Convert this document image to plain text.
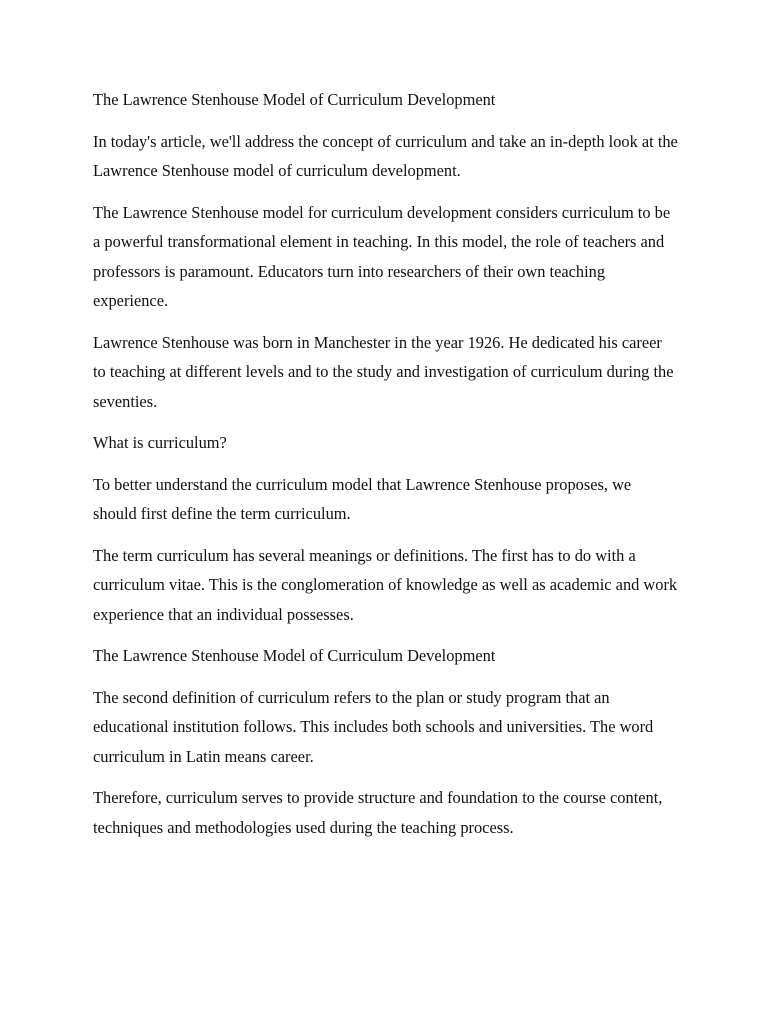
The Lawrence Stenhouse Model of Curriculum Development

In today's article, we'll address the concept of curriculum and take an in-depth look at the Lawrence Stenhouse model of curriculum development.

The Lawrence Stenhouse model for curriculum development considers curriculum to be a powerful transformational element in teaching. In this model, the role of teachers and professors is paramount. Educators turn into researchers of their own teaching experience.

Lawrence Stenhouse was born in Manchester in the year 1926. He dedicated his career to teaching at different levels and to the study and investigation of curriculum during the seventies.

What is curriculum?

To better understand the curriculum model that Lawrence Stenhouse proposes, we should first define the term curriculum.

The term curriculum has several meanings or definitions. The first has to do with a curriculum vitae. This is the conglomeration of knowledge as well as academic and work experience that an individual possesses.

The Lawrence Stenhouse Model of Curriculum Development

The second definition of curriculum refers to the plan or study program that an educational institution follows. This includes both schools and universities. The word curriculum in Latin means career.

Therefore, curriculum serves to provide structure and foundation to the course content, techniques and methodologies used during the teaching process.
